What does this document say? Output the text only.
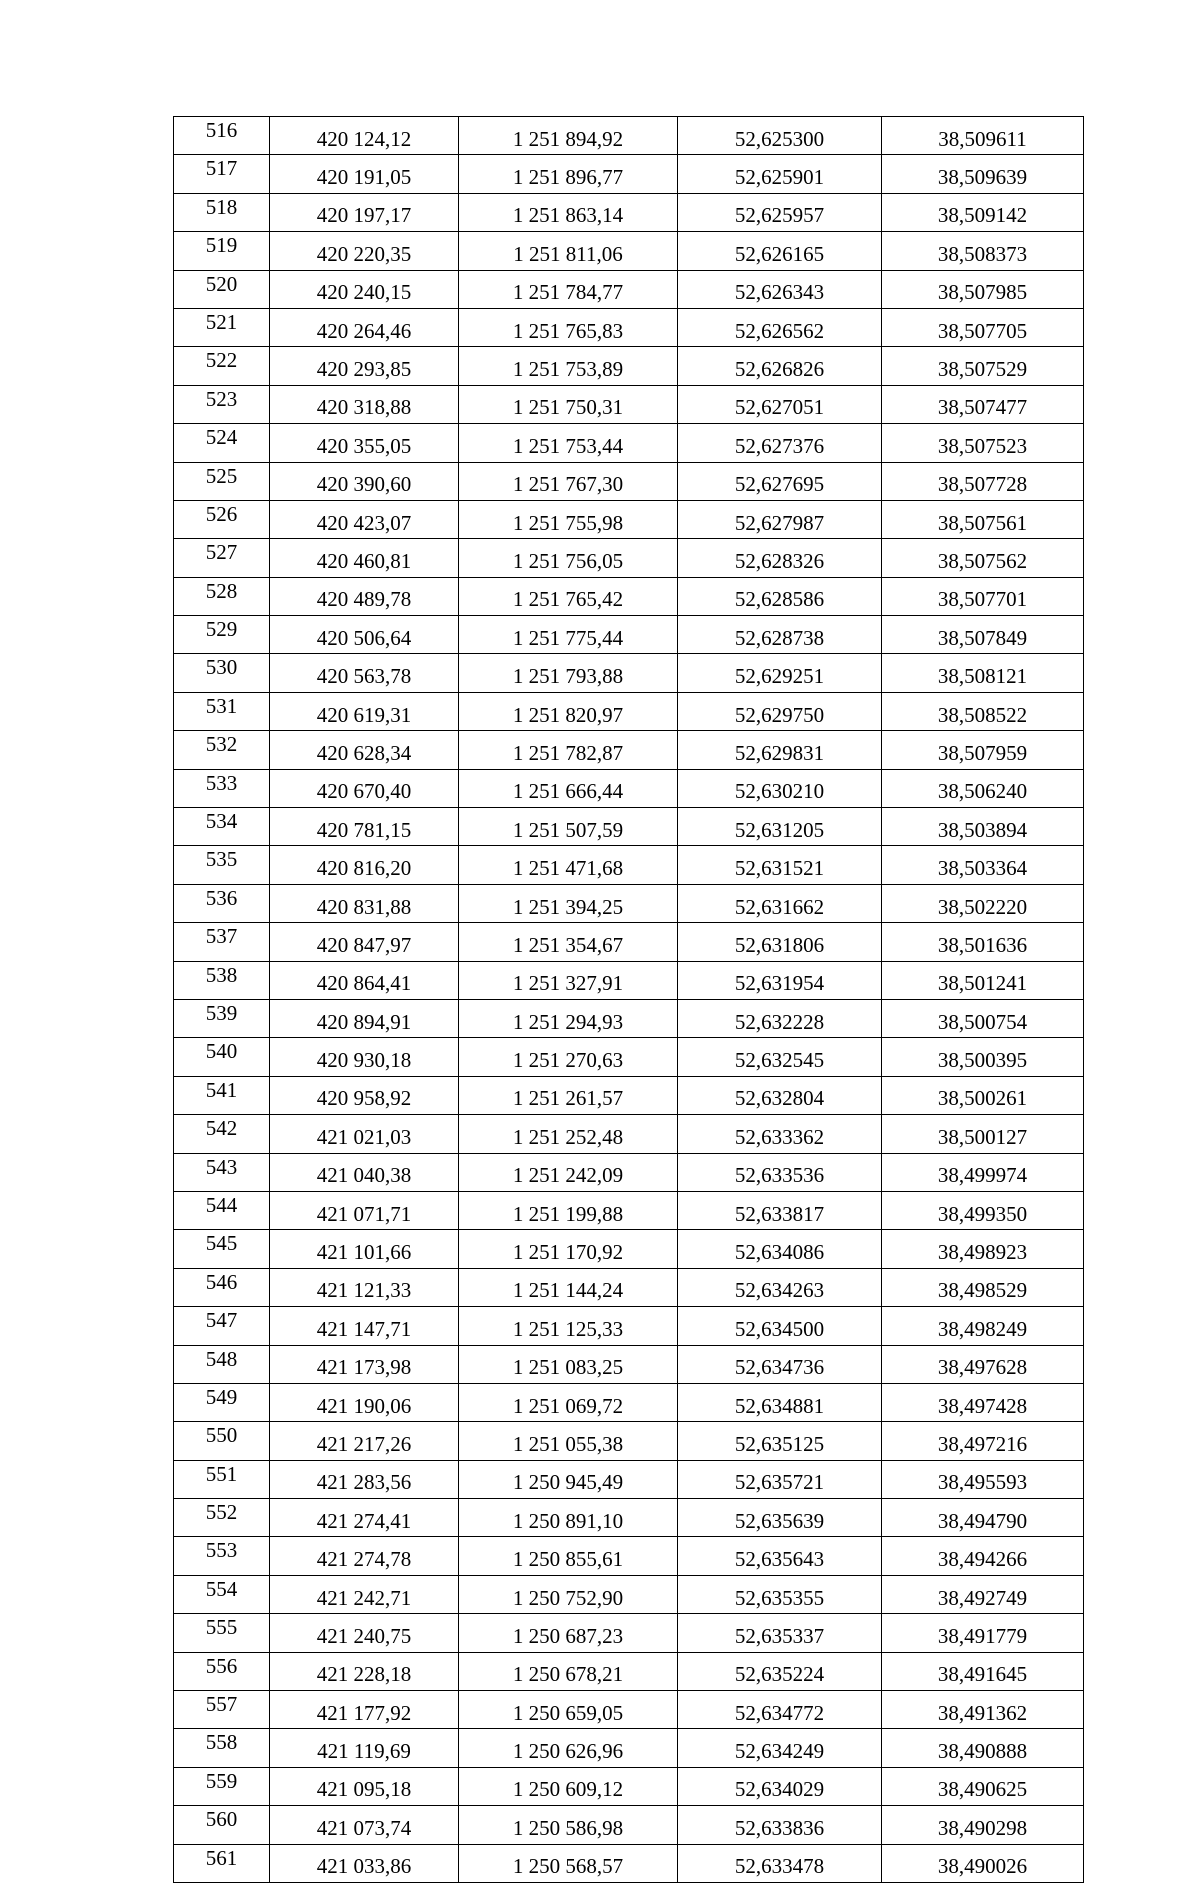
516	420 124,12	1 251 894,92	52,625300	38,509611
517	420 191,05	1 251 896,77	52,625901	38,509639
518	420 197,17	1 251 863,14	52,625957	38,509142
519	420 220,35	1 251 811,06	52,626165	38,508373
520	420 240,15	1 251 784,77	52,626343	38,507985
521	420 264,46	1 251 765,83	52,626562	38,507705
522	420 293,85	1 251 753,89	52,626826	38,507529
523	420 318,88	1 251 750,31	52,627051	38,507477
524	420 355,05	1 251 753,44	52,627376	38,507523
525	420 390,60	1 251 767,30	52,627695	38,507728
526	420 423,07	1 251 755,98	52,627987	38,507561
527	420 460,81	1 251 756,05	52,628326	38,507562
528	420 489,78	1 251 765,42	52,628586	38,507701
529	420 506,64	1 251 775,44	52,628738	38,507849
530	420 563,78	1 251 793,88	52,629251	38,508121
531	420 619,31	1 251 820,97	52,629750	38,508522
532	420 628,34	1 251 782,87	52,629831	38,507959
533	420 670,40	1 251 666,44	52,630210	38,506240
534	420 781,15	1 251 507,59	52,631205	38,503894
535	420 816,20	1 251 471,68	52,631521	38,503364
536	420 831,88	1 251 394,25	52,631662	38,502220
537	420 847,97	1 251 354,67	52,631806	38,501636
538	420 864,41	1 251 327,91	52,631954	38,501241
539	420 894,91	1 251 294,93	52,632228	38,500754
540	420 930,18	1 251 270,63	52,632545	38,500395
541	420 958,92	1 251 261,57	52,632804	38,500261
542	421 021,03	1 251 252,48	52,633362	38,500127
543	421 040,38	1 251 242,09	52,633536	38,499974
544	421 071,71	1 251 199,88	52,633817	38,499350
545	421 101,66	1 251 170,92	52,634086	38,498923
546	421 121,33	1 251 144,24	52,634263	38,498529
547	421 147,71	1 251 125,33	52,634500	38,498249
548	421 173,98	1 251 083,25	52,634736	38,497628
549	421 190,06	1 251 069,72	52,634881	38,497428
550	421 217,26	1 251 055,38	52,635125	38,497216
551	421 283,56	1 250 945,49	52,635721	38,495593
552	421 274,41	1 250 891,10	52,635639	38,494790
553	421 274,78	1 250 855,61	52,635643	38,494266
554	421 242,71	1 250 752,90	52,635355	38,492749
555	421 240,75	1 250 687,23	52,635337	38,491779
556	421 228,18	1 250 678,21	52,635224	38,491645
557	421 177,92	1 250 659,05	52,634772	38,491362
558	421 119,69	1 250 626,96	52,634249	38,490888
559	421 095,18	1 250 609,12	52,634029	38,490625
560	421 073,74	1 250 586,98	52,633836	38,490298
561	421 033,86	1 250 568,57	52,633478	38,490026
